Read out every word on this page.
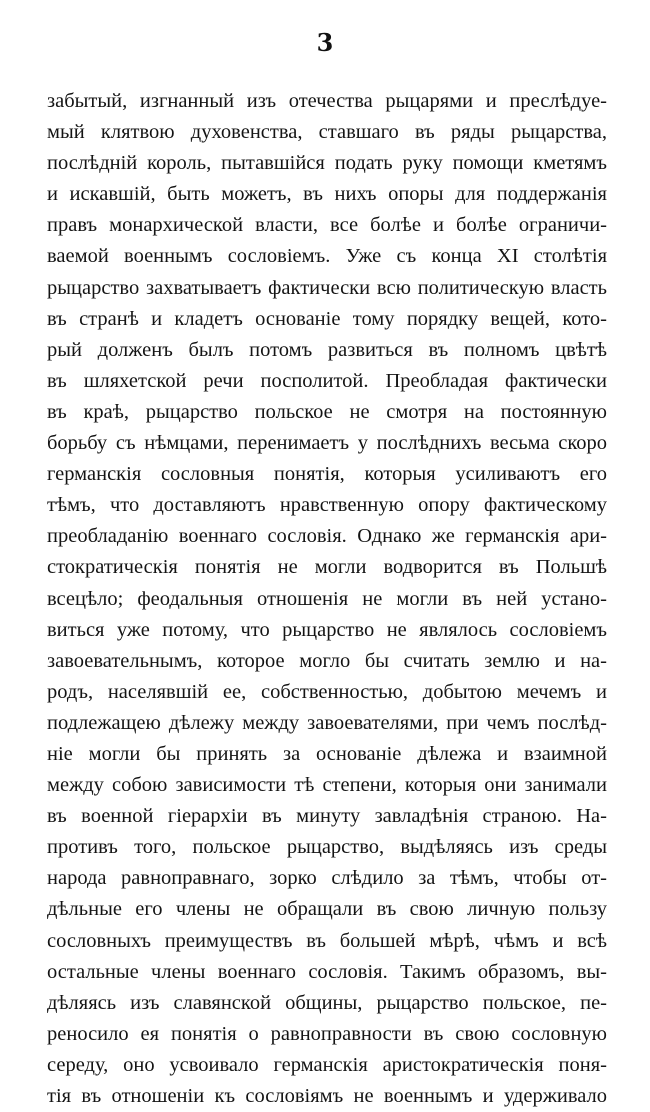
3
забытый, изгнанный изъ отечества рыцарями и преслѣдуе-
мый клятвою духовенства, ставшаго въ ряды рыцарства,
послѣднiй король, пытавшiйся подать руку помощи кметямъ
и искавшiй, быть можетъ, въ нихъ опоры для поддержанiя
правъ монархической власти, все болѣе и болѣе ограничи-
ваемой военнымъ сословiемъ. Уже съ конца XI столѣтiя
рыцарство захватываетъ фактически всю политическую власть
въ странѣ и кладетъ основанiе тому порядку вещей, кото-
рый долженъ былъ потомъ развиться въ полномъ цвѣтѣ
въ шляхетской речи посполитой. Преобладая фактически
въ краѣ, рыцарство польское не смотря на постоянную
борьбу съ нѣмцами, перенимаетъ у послѣднихъ весьма скоро
германскiя сословныя понятiя, которыя усиливаютъ его
тѣмъ, что доставляютъ нравственную опору фактическому
преобладанiю военнаго сословiя. Однако же германскiя ари-
стократическiя понятiя не могли водворится въ Польшѣ
всецѣло; феодальныя отношенiя не могли въ ней устано-
виться уже потому, что рыцарство не являлось сословiемъ
завоевательнымъ, которое могло бы считать землю и на-
родъ, населявшiй ее, собственностью, добытою мечемъ и
подлежащею дѣлежу между завоевателями, при чемъ послѣд-
нiе могли бы принять за основанiе дѣлежа и взаимной
между собою зависимости тѣ степени, которыя они занимали
въ военной гiерархiи въ минуту завладѣнiя страною. На-
противъ того, польское рыцарство, выдѣляясь изъ среды
народа равноправнаго, зорко слѣдило за тѣмъ, чтобы от-
дѣльные его члены не обращали въ свою личную пользу
сословныхъ преимуществъ въ большей мѣрѣ, чѣмъ и всѣ
остальные члены военнаго сословiя. Такимъ образомъ, вы-
дѣляясь изъ славянской общины, рыцарство польское, пе-
реносило ея понятiя о равноправности въ свою сословную
середу, оно усвоивало германскiя аристократическiя поня-
тiя въ отношенiи къ сословiямъ не военнымъ и удерживало
